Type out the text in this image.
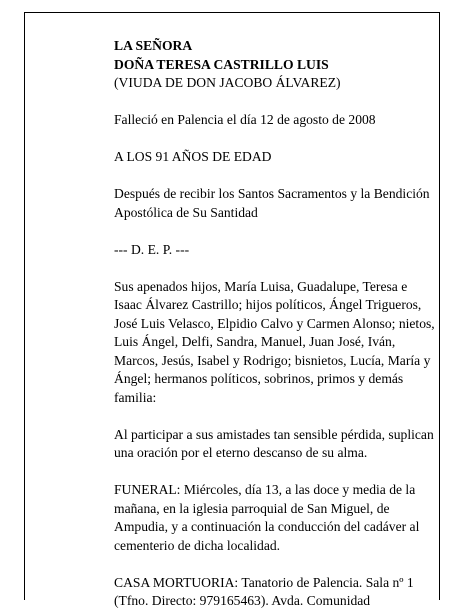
LA SEÑORA

DOÑA TERESA CASTRILLO LUIS

(VIUDA DE DON JACOBO ÁLVAREZ)

Falleció en Palencia el día 12 de agosto de 2008

A LOS 91 AÑOS DE EDAD

Después de recibir los Santos Sacramentos y la Bendición Apostólica de Su Santidad

--- D. E. P. ---

Sus apenados hijos, María Luisa, Guadalupe, Teresa e Isaac Álvarez Castrillo; hijos políticos, Ángel Trigueros, José Luis Velasco, Elpidio Calvo y Carmen Alonso; nietos, Luis Ángel, Delfi, Sandra, Manuel, Juan José, Iván, Marcos, Jesús, Isabel y Rodrigo; bisnietos, Lucía, María y Ángel; hermanos políticos, sobrinos, primos y demás familia:

Al participar a sus amistades tan sensible pérdida, suplican una oración por el eterno descanso de su alma.

FUNERAL: Miércoles, día 13, a las doce y media de la mañana, en la iglesia parroquial de San Miguel, de Ampudia, y a continuación la conducción del cadáver al cementerio de dicha localidad.

CASA MORTUORIA: Tanatorio de Palencia. Sala nº 1 (Tfno. Directo: 979165463). Avda. Comunidad
